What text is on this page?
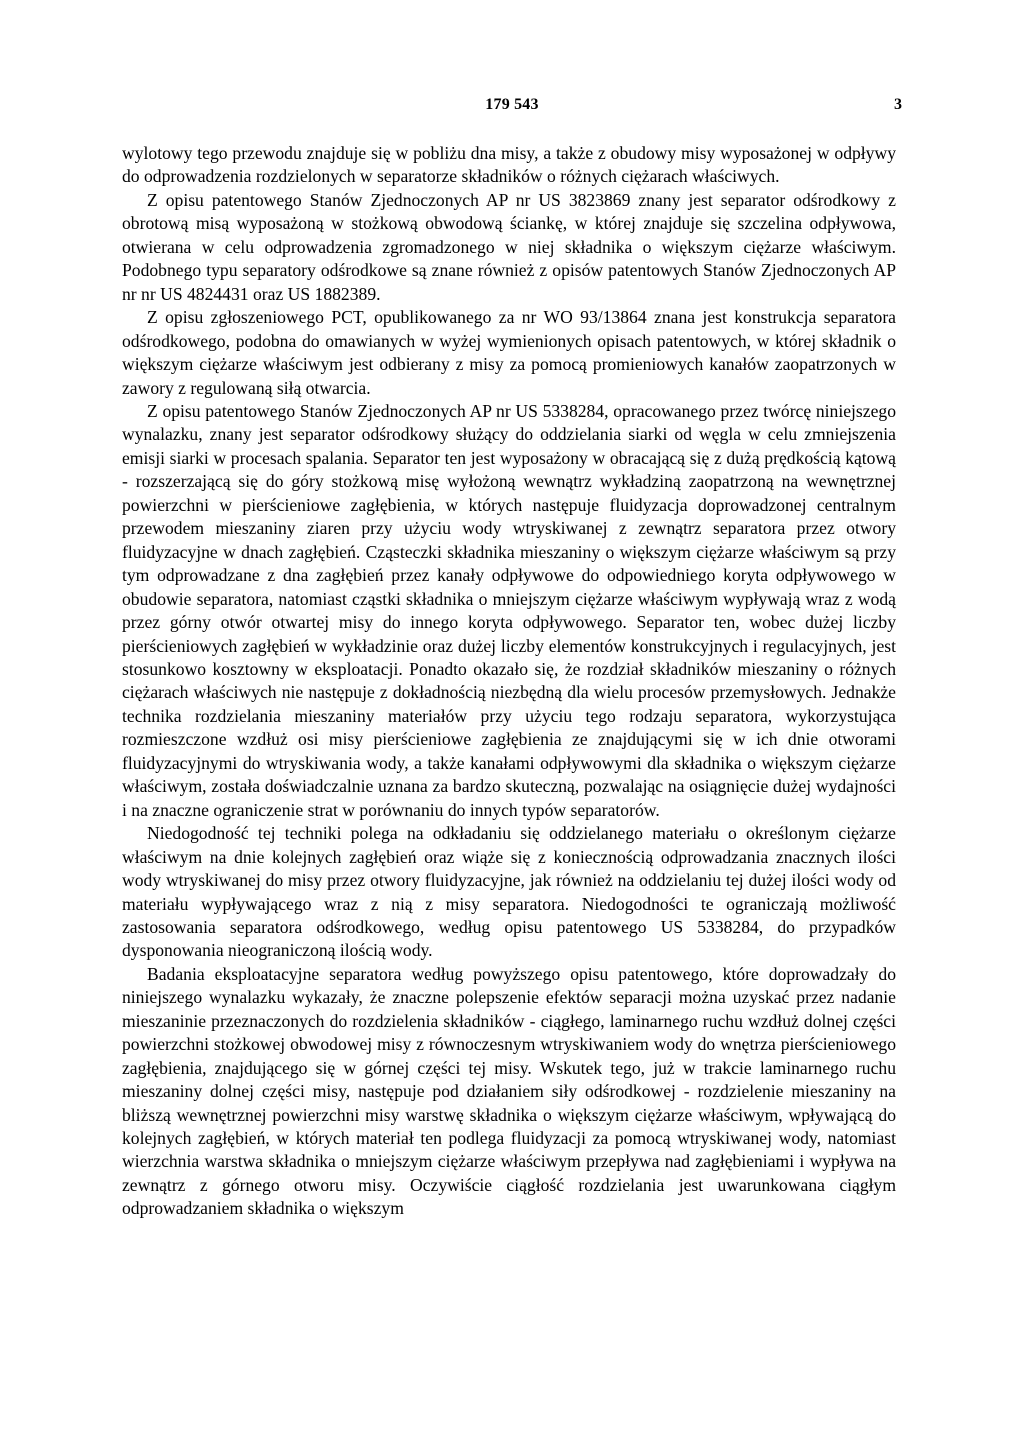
179 543	3

wylotowy tego przewodu znajduje się w pobliżu dna misy, a także z obudowy misy wyposażonej w odpływy do odprowadzenia rozdzielonych w separatorze składników o różnych ciężarach właściwych.

Z opisu patentowego Stanów Zjednoczonych AP nr US 3823869 znany jest separator odśrodkowy z obrotową misą wyposażoną w stożkową obwodową ściankę, w której znajduje się szczelina odpływowa, otwierana w celu odprowadzenia zgromadzonego w niej składnika o większym ciężarze właściwym. Podobnego typu separatory odśrodkowe są znane również z opisów patentowych Stanów Zjednoczonych AP nr nr US 4824431 oraz US 1882389.

Z opisu zgłoszeniowego PCT, opublikowanego za nr WO 93/13864 znana jest konstrukcja separatora odśrodkowego, podobna do omawianych w wyżej wymienionych opisach patentowych, w której składnik o większym ciężarze właściwym jest odbierany z misy za pomocą promieniowych kanałów zaopatrzonych w zawory z regulowaną siłą otwarcia.

Z opisu patentowego Stanów Zjednoczonych AP nr US 5338284, opracowanego przez twórcę niniejszego wynalazku, znany jest separator odśrodkowy służący do oddzielania siarki od węgla w celu zmniejszenia emisji siarki w procesach spalania. Separator ten jest wyposażony w obracającą się z dużą prędkością kątową - rozszerzającą się do góry stożkową misę wyłożoną wewnątrz wykładziną zaopatrzoną na wewnętrznej powierzchni w pierścieniowe zagłębienia, w których następuje fluidyzacja doprowadzonej centralnym przewodem mieszaniny ziaren przy użyciu wody wtryskiwanej z zewnątrz separatora przez otwory fluidyzacyjne w dnach zagłębień. Cząsteczki składnika mieszaniny o większym ciężarze właściwym są przy tym odprowadzane z dna zagłębień przez kanały odpływowe do odpowiedniego koryta odpływowego w obudowie separatora, natomiast cząstki składnika o mniejszym ciężarze właściwym wypływają wraz z wodą przez górny otwór otwartej misy do innego koryta odpływowego. Separator ten, wobec dużej liczby pierścieniowych zagłębień w wykładzinie oraz dużej liczby elementów konstrukcyjnych i regulacyjnych, jest stosunkowo kosztowny w eksploatacji. Ponadto okazało się, że rozdział składników mieszaniny o różnych ciężarach właściwych nie następuje z dokładnością niezbędną dla wielu procesów przemysłowych. Jednakże technika rozdzielania mieszaniny materiałów przy użyciu tego rodzaju separatora, wykorzystująca rozmieszczone wzdłuż osi misy pierścieniowe zagłębienia ze znajdującymi się w ich dnie otworami fluidyzacyjnymi do wtryskiwania wody, a także kanałami odpływowymi dla składnika o większym ciężarze właściwym, została doświadczalnie uznana za bardzo skuteczną, pozwalając na osiągnięcie dużej wydajności i na znaczne ograniczenie strat w porównaniu do innych typów separatorów.

Niedogodność tej techniki polega na odkładaniu się oddzielanego materiału o określonym ciężarze właściwym na dnie kolejnych zagłębień oraz wiąże się z koniecznością odprowadzania znacznych ilości wody wtryskiwanej do misy przez otwory fluidyzacyjne, jak również na oddzielaniu tej dużej ilości wody od materiału wypływającego wraz z nią z misy separatora. Niedogodności te ograniczają możliwość zastosowania separatora odśrodkowego, według opisu patentowego US 5338284, do przypadków dysponowania nieograniczoną ilością wody.

Badania eksploatacyjne separatora według powyższego opisu patentowego, które doprowadzały do niniejszego wynalazku wykazały, że znaczne polepszenie efektów separacji można uzyskać przez nadanie mieszaninie przeznaczonych do rozdzielenia składników - ciągłego, laminarnego ruchu wzdłuż dolnej części powierzchni stożkowej obwodowej misy z równoczesnym wtryskiwaniem wody do wnętrza pierścieniowego zagłębienia, znajdującego się w górnej części tej misy. Wskutek tego, już w trakcie laminarnego ruchu mieszaniny dolnej części misy, następuje pod działaniem siły odśrodkowej - rozdzielenie mieszaniny na bliższą wewnętrznej powierzchni misy warstwę składnika o większym ciężarze właściwym, wpływającą do kolejnych zagłębień, w których materiał ten podlega fluidyzacji za pomocą wtryskiwanej wody, natomiast wierzchnia warstwa składnika o mniejszym ciężarze właściwym przepływa nad zagłębieniami i wypływa na zewnątrz z górnego otworu misy. Oczywiście ciągłość rozdzielania jest uwarunkowana ciągłym odprowadzaniem składnika o większym
